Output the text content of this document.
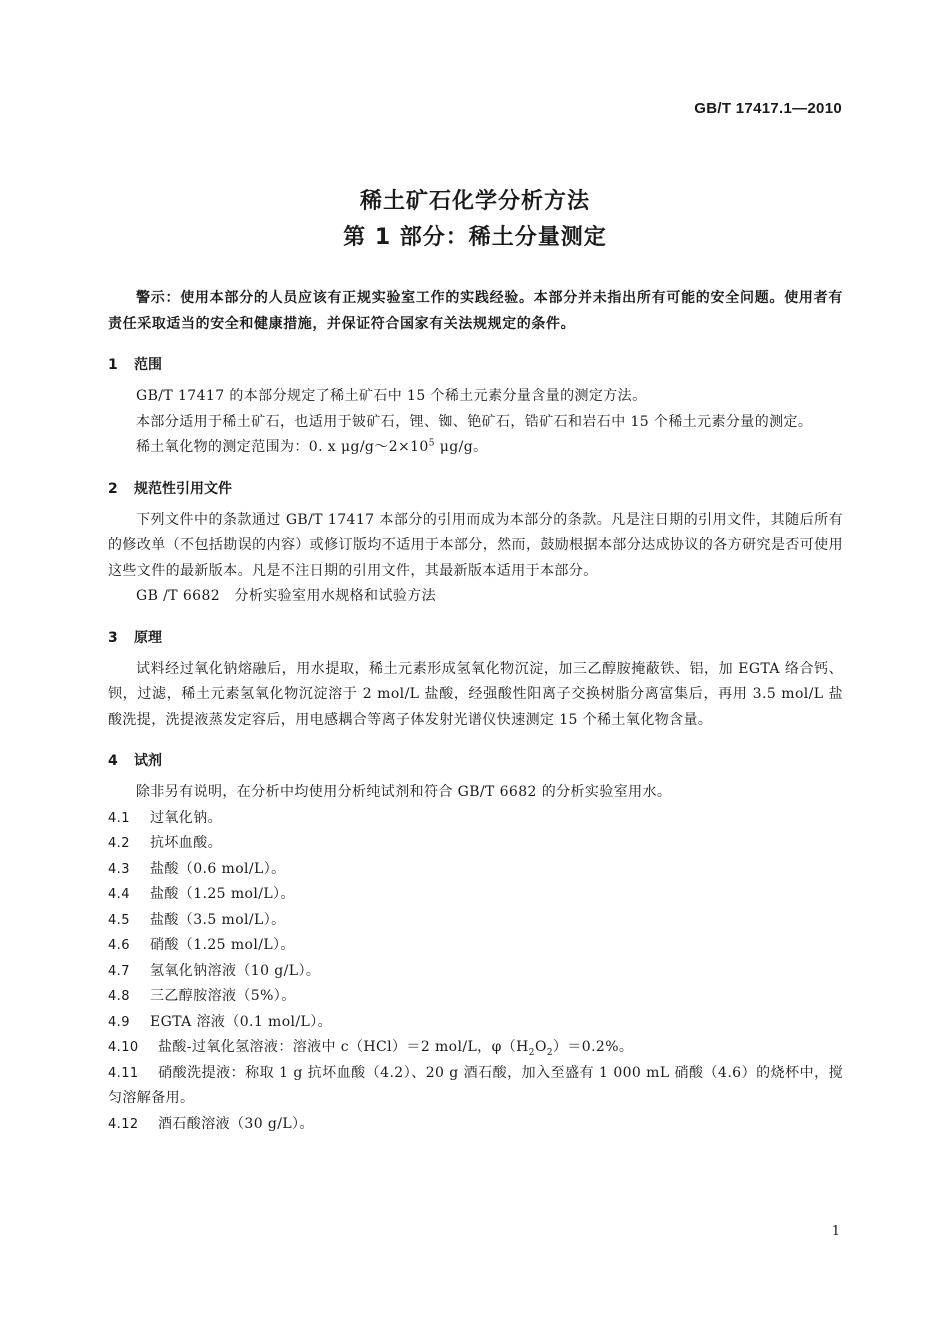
GB/T 17417.1—2010
稀土矿石化学分析方法
第 1 部分：稀土分量测定
警示：使用本部分的人员应该有正规实验室工作的实践经验。本部分并未指出所有可能的安全问题。使用者有责任采取适当的安全和健康措施，并保证符合国家有关法规规定的条件。
1 范围

GB/T 17417 的本部分规定了稀土矿石中 15 个稀土元素分量含量的测定方法。

本部分适用于稀土矿石，也适用于铍矿石，锂、铷、铯矿石，锆矿石和岩石中 15 个稀土元素分量的测定。

稀土氧化物的测定范围为：0. x $\mu g/g\sim 2\times 10^5$ μg/g。

2 规范性引用文件

下列文件中的条款通过 GB/T 17417 本部分的引用而成为本部分的条款。凡是注日期的引用文件，其随后所有的修改单（不包括勘误的内容）或修订版均不适用于本部分，然而，鼓励根据本部分达成协议的各方研究是否可使用这些文件的最新版本。凡是不注日期的引用文件，其最新版本适用于本部分。

GB /T 6682　分析实验室用水规格和试验方法

3 原理

试料经过氧化钠熔融后，用水提取，稀土元素形成氢氧化物沉淀，加三乙醇胺掩蔽铁、铝，加 EGTA 络合钙、钡，过滤，稀土元素氢氧化物沉淀溶于 2 mol/L 盐酸，经强酸性阳离子交换树脂分离富集后，再用 3.5 mol/L 盐酸洗提，洗提液蒸发定容后，用电感耦合等离子体发射光谱仪快速测定 15 个稀土氧化物含量。

4 试剂

除非另有说明，在分析中均使用分析纯试剂和符合 GB/T 6682 的分析实验室用水。

4.1 过氧化钠。
4.2 抗坏血酸。
4.3 盐酸（0.6 mol/L）。
4.4 盐酸（1.25 mol/L）。
4.5 盐酸（3.5 mol/L）。
4.6 硝酸（1.25 mol/L）。
4.7 氢氧化钠溶液（10 g/L）。
4.8 三乙醇胺溶液（5%）。
4.9 EGTA 溶液（0.1 mol/L）。
4.10 盐酸-过氧化氢溶液：溶液中 c（HCl）＝2 mol/L，$\varphi(H_2O_2)=0.2\%$。
4.11 硝酸洗提液：称取 1 g 抗坏血酸（4.2）、20 g 酒石酸，加入至盛有 1 000 mL 硝酸（4.6）的烧杯中，搅匀溶解备用。
4.12 酒石酸溶液（30 g/L）。
1
